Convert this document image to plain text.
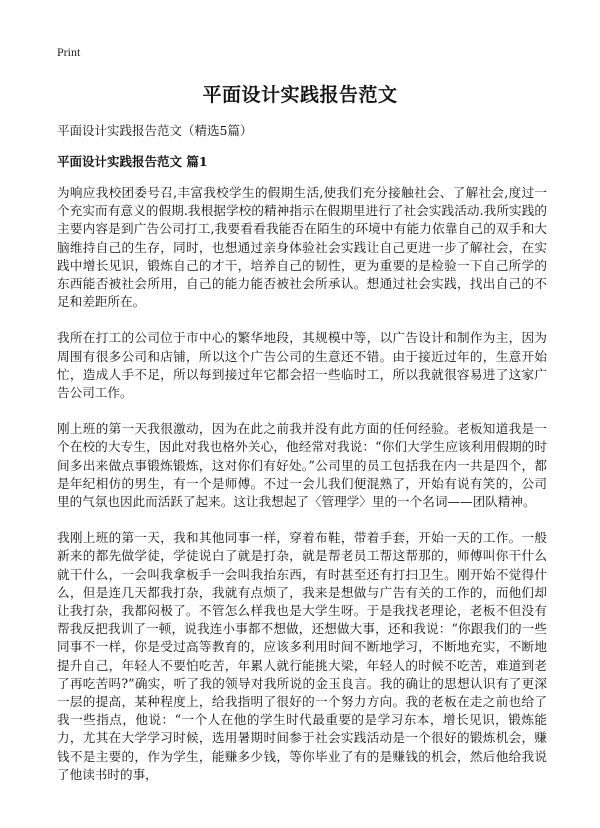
Print
平面设计实践报告范文
平面设计实践报告范文（精选5篇）
平面设计实践报告范文 篇1

为响应我校团委号召,丰富我校学生的假期生活,使我们充分接触社会、了解社会,度过一个充实而有意义的假期.我根据学校的精神指示在假期里进行了社会实践活动.我所实践的主要内容是到广告公司打工,我要看看我能否在陌生的环境中有能力依靠自己的双手和大脑维持自己的生存，同时，也想通过亲身体验社会实践让自己更进一步了解社会，在实践中增长见识，锻炼自己的才干，培养自己的韧性，更为重要的是检验一下自己所学的东西能否被社会所用，自己的能力能否被社会所承认。想通过社会实践，找出自己的不足和差距所在。

我所在打工的公司位于市中心的繁华地段，其规模中等，以广告设计和制作为主，因为周围有很多公司和店铺，所以这个广告公司的生意还不错。由于接近过年的，生意开始忙，造成人手不足，所以每到接过年它都会招一些临时工，所以我就很容易进了这家广告公司工作。

刚上班的第一天我很激动，因为在此之前我并没有此方面的任何经验。老板知道我是一个在校的大专生，因此对我也格外关心，他经常对我说：“你们大学生应该利用假期的时间多出来做点事锻炼锻炼，这对你们有好处。”公司里的员工包括我在内一共是四个，都是年纪相仿的男生，有一个是师傅。不过一会儿我们便混熟了，开始有说有笑的，公司里的气氛也因此而活跃了起来。这让我想起了〈管理学〉里的一个名词——团队精神。

我刚上班的第一天，我和其他同事一样，穿着布鞋，带着手套，开始一天的工作。一般新来的都先做学徒，学徒说白了就是打杂，就是帮老员工帮这帮那的，师傅叫你干什么就干什么，一会叫我拿板手一会叫我抬东西，有时甚至还有打扫卫生。刚开始不觉得什么，但是连几天都我打杂，我就有点烦了，我来是想做与广告有关的工作的，而他们却让我打杂，我都闷极了。不管怎么样我也是大学生呀。于是我找老理论，老板不但没有帮我反把我训了一顿，说我连小事都不想做，还想做大事，还和我说：“你跟我们的一些同事不一样，你是受过高等教育的，应该多利用时间不断地学习，不断地充实，不断地提升自己，年轻人不要怕吃苦，年累人就行能挑大梁，年轻人的时候不吃苦，难道到老了再吃苦吗?”确实，听了我的领导对我所说的金玉良言。我的确让的思想认识有了更深一层的提高，某种程度上，给我指明了很好的一个努力方向。我的老板在走之前也给了我一些指点，他说：“一个人在他的学生时代最重要的是学习东本，增长见识，锻炼能力，尤其在大学学习时候，选用暑期时间参于社会实践活动是一个很好的锻炼机会，赚钱不是主要的，作为学生，能赚多少钱，等你毕业了有的是赚钱的机会，然后他给我说了他读书时的事，
